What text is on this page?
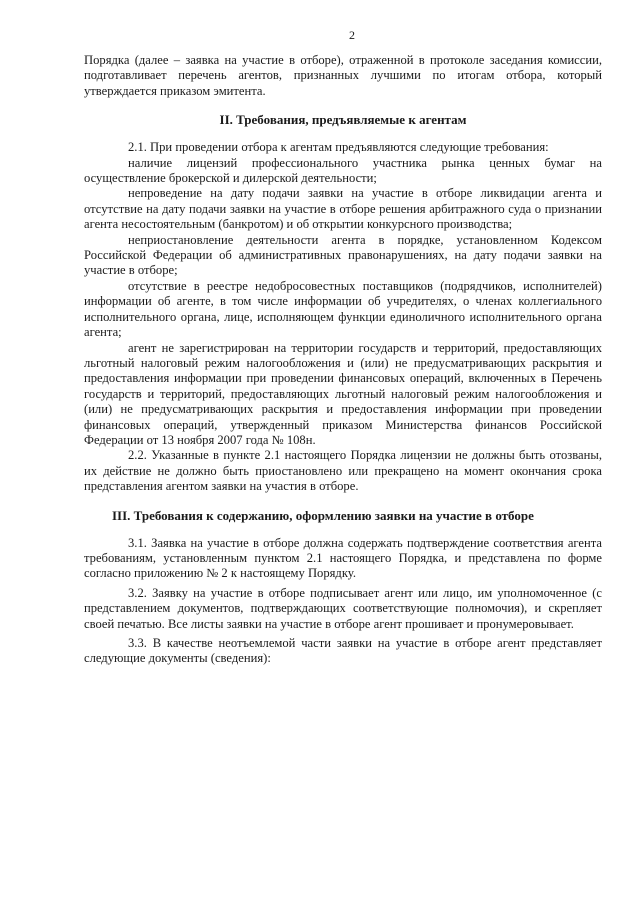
2

Порядка (далее – заявка на участие в отборе), отраженной в протоколе заседания комиссии, подготавливает перечень агентов, признанных лучшими по итогам отбора, который утверждается приказом эмитента.

II. Требования, предъявляемые к агентам

2.1. При проведении отбора к агентам предъявляются следующие требования:

наличие лицензий профессионального участника рынка ценных бумаг на осуществление брокерской и дилерской деятельности;

непроведение на дату подачи заявки на участие в отборе ликвидации агента и отсутствие на дату подачи заявки на участие в отборе решения арбитражного суда о признании агента несостоятельным (банкротом) и об открытии конкурсного производства;

неприостановление деятельности агента в порядке, установленном Кодексом Российской Федерации об административных правонарушениях, на дату подачи заявки на участие в отборе;

отсутствие в реестре недобросовестных поставщиков (подрядчиков, исполнителей) информации об агенте, в том числе информации об учредителях, о членах коллегиального исполнительного органа, лице, исполняющем функции единоличного исполнительного органа агента;

агент не зарегистрирован на территории государств и территорий, предоставляющих льготный налоговый режим налогообложения и (или) не предусматривающих раскрытия и предоставления информации при проведении финансовых операций, включенных в Перечень государств и территорий, предоставляющих льготный налоговый режим налогообложения и (или) не предусматривающих раскрытия и предоставления информации при проведении финансовых операций, утвержденный приказом Министерства финансов Российской Федерации от 13 ноября 2007 года № 108н.

2.2. Указанные в пункте 2.1 настоящего Порядка лицензии не должны быть отозваны, их действие не должно быть приостановлено или прекращено на момент окончания срока представления агентом заявки на участия в отборе.

III. Требования к содержанию, оформлению заявки на участие в отборе

3.1. Заявка на участие в отборе должна содержать подтверждение соответствия агента требованиям, установленным пунктом 2.1 настоящего Порядка, и представлена по форме согласно приложению № 2 к настоящему Порядку.

3.2. Заявку на участие в отборе подписывает агент или лицо, им уполномоченное (с представлением документов, подтверждающих соответствующие полномочия), и скрепляет своей печатью. Все листы заявки на участие в отборе агент прошивает и пронумеровывает.

3.3. В качестве неотъемлемой части заявки на участие в отборе агент представляет следующие документы (сведения):
